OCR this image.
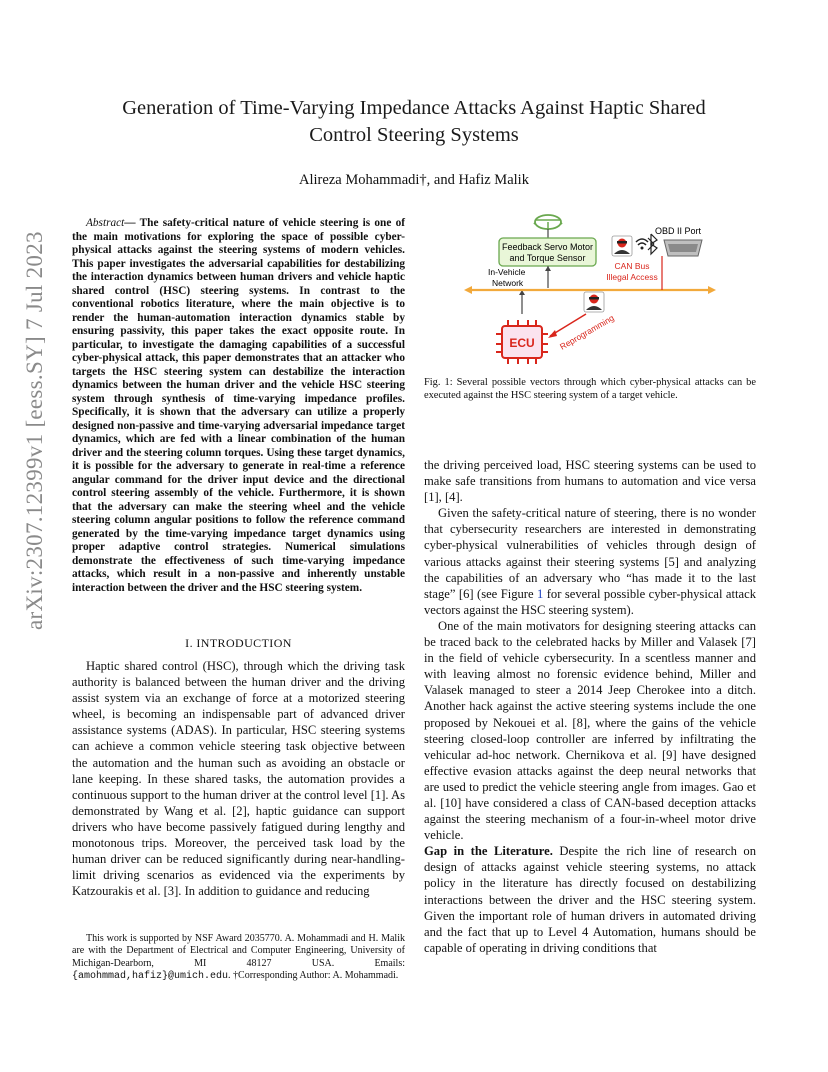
Generation of Time-Varying Impedance Attacks Against Haptic Shared
Control Steering Systems
Alireza Mohammadi†, and Hafiz Malik
arXiv:2307.12399v1 [eess.SY] 7 Jul 2023

Abstract— The safety-critical nature of vehicle steering is one of the main motivations for exploring the space of possible cyber-physical attacks against the steering systems of modern vehicles. This paper investigates the adversarial capabilities for destabilizing the interaction dynamics between human drivers and vehicle haptic shared control (HSC) steering systems. In contrast to the conventional robotics literature, where the main objective is to render the human-automation interaction dynamics stable by ensuring passivity, this paper takes the exact opposite route. In particular, to investigate the damaging capabilities of a successful cyber-physical attack, this paper demonstrates that an attacker who targets the HSC steering system can destabilize the interaction dynamics between the human driver and the vehicle HSC steering system through synthesis of time-varying impedance profiles. Specifically, it is shown that the adversary can utilize a properly designed non-passive and time-varying adversarial impedance target dynamics, which are fed with a linear combination of the human driver and the steering column torques. Using these target dynamics, it is possible for the adversary to generate in real-time a reference angular command for the driver input device and the directional control steering assembly of the vehicle. Furthermore, it is shown that the adversary can make the steering wheel and the vehicle steering column angular positions to follow the reference command generated by the time-varying impedance target dynamics using proper adaptive control strategies. Numerical simulations demonstrate the effectiveness of such time-varying impedance attacks, which result in a non-passive and inherently unstable interaction between the driver and the HSC steering system.

I. INTRODUCTION

Haptic shared control (HSC), through which the driving task authority is balanced between the human driver and the driving assist system via an exchange of force at a motorized steering wheel, is becoming an indispensable part of advanced driver assistance systems (ADAS). In particular, HSC steering systems can achieve a common vehicle steering task objective between the automation and the human such as avoiding an obstacle or lane keeping. In these shared tasks, the automation provides a continuous support to the human driver at the control level [1]. As demonstrated by Wang et al. [2], haptic guidance can support drivers who have become passively fatigued during lengthy and monotonous trips. Moreover, the perceived task load by the human driver can be reduced significantly during near-handling-limit driving scenarios as evidenced via the experiments by Katzourakis et al. [3]. In addition to guidance and reducing

This work is supported by NSF Award 2035770. A. Mohammadi and H. Malik are with the Department of Electrical and Computer Engineering, University of Michigan-Dearborn, MI 48127 USA. Emails: {amohmmad,hafiz}@umich.edu. †Corresponding Author: A. Mohammadi.

Feedback Servo Motor
and Torque Sensor
In-Vehicle
Network
OBD II Port
CAN Bus
Illegal Access
ECU	Reprogramming
Fig. 1: Several possible vectors through which cyber-physical attacks can be executed against the HSC steering system of a target vehicle.

the driving perceived load, HSC steering systems can be used to make safe transitions from humans to automation and vice versa [1], [4].

Given the safety-critical nature of steering, there is no wonder that cybersecurity researchers are interested in demonstrating cyber-physical vulnerabilities of vehicles through design of various attacks against their steering systems [5] and analyzing the capabilities of an adversary who “has made it to the last stage” [6] (see Figure 1 for several possible cyber-physical attack vectors against the HSC steering system).

One of the main motivators for designing steering attacks can be traced back to the celebrated hacks by Miller and Valasek [7] in the field of vehicle cybersecurity. In a scentless manner and with leaving almost no forensic evidence behind, Miller and Valasek managed to steer a 2014 Jeep Cherokee into a ditch. Another hack against the active steering systems include the one proposed by Nekouei et al. [8], where the gains of the vehicle steering closed-loop controller are inferred by infiltrating the vehicular ad-hoc network. Chernikova et al. [9] have designed effective evasion attacks against the deep neural networks that are used to predict the vehicle steering angle from images. Gao et al. [10] have considered a class of CAN-based deception attacks against the steering mechanism of a four-in-wheel motor drive vehicle.

Gap in the Literature. Despite the rich line of research on design of attacks against vehicle steering systems, no attack policy in the literature has directly focused on destabilizing interactions between the driver and the HSC steering system. Given the important role of human drivers in automated driving and the fact that up to Level 4 Automation, humans should be capable of operating in driving conditions that
